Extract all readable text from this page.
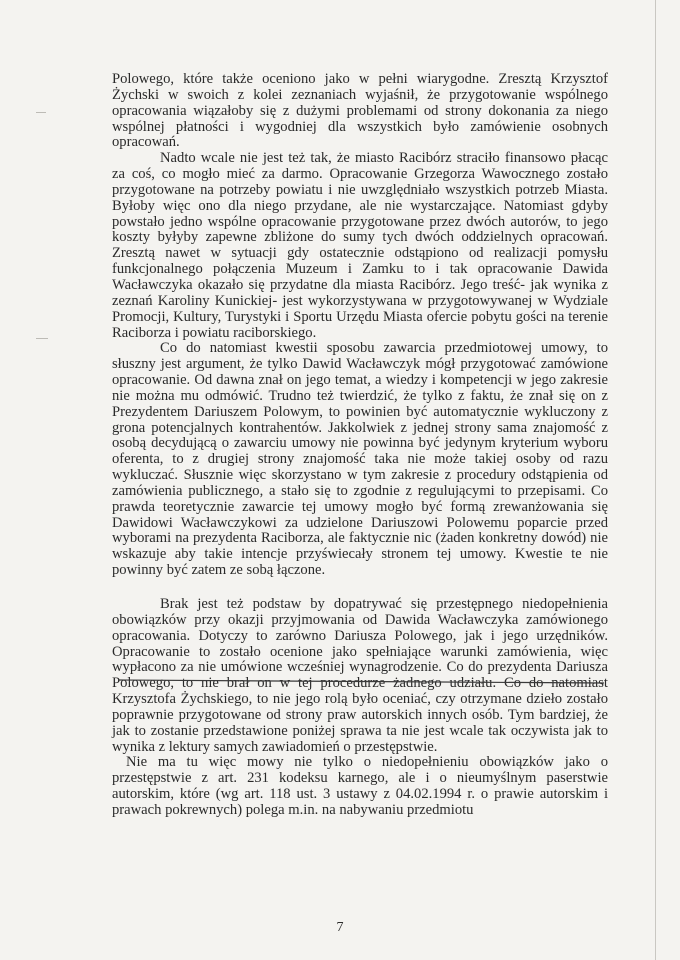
Polowego, które także oceniono jako w pełni wiarygodne. Zresztą Krzysztof Żychski w swoich z kolei zeznaniach wyjaśnił, że przygotowanie wspólnego opracowania wiązałoby się z dużymi problemami od strony dokonania za niego wspólnej płatności i wygodniej dla wszystkich było zamówienie osobnych opracowań.

Nadto wcale nie jest też tak, że miasto Racibórz straciło finansowo płacąc za coś, co mogło mieć za darmo. Opracowanie Grzegorza Wawocznego zostało przygotowane na potrzeby powiatu i nie uwzględniało wszystkich potrzeb Miasta. Byłoby więc ono dla niego przydane, ale nie wystarczające. Natomiast gdyby powstało jedno wspólne opracowanie przygotowane przez dwóch autorów, to jego koszty byłyby zapewne zbliżone do sumy tych dwóch oddzielnych opracowań. Zresztą nawet w sytuacji gdy ostatecznie odstąpiono od realizacji pomysłu funkcjonalnego połączenia Muzeum i Zamku to i tak opracowanie Dawida Wacławczyka okazało się przydatne dla miasta Racibórz. Jego treść- jak wynika z zeznań Karoliny Kunickiej- jest wykorzystywana w przygotowywanej w Wydziale Promocji, Kultury, Turystyki i Sportu Urzędu Miasta ofercie pobytu gości na terenie Raciborza i powiatu raciborskiego.

Co do natomiast kwestii sposobu zawarcia przedmiotowej umowy, to słuszny jest argument, że tylko Dawid Wacławczyk mógł przygotować zamówione opracowanie. Od dawna znał on jego temat, a wiedzy i kompetencji w jego zakresie nie można mu odmówić. Trudno też twierdzić, że tylko z faktu, że znał się on z Prezydentem Dariuszem Polowym, to powinien być automatycznie wykluczony z grona potencjalnych kontrahentów. Jakkolwiek z jednej strony sama znajomość z osobą decydującą o zawarciu umowy nie powinna być jedynym kryterium wyboru oferenta, to z drugiej strony znajomość taka nie może takiej osoby od razu wykluczać. Słusznie więc skorzystano w tym zakresie z procedury odstąpienia od zamówienia publicznego, a stało się to zgodnie z regulującymi to przepisami. Co prawda teoretycznie zawarcie tej umowy mogło być formą zrewanżowania się Dawidowi Wacławczykowi za udzielone Dariuszowi Polowemu poparcie przed wyborami na prezydenta Raciborza, ale faktycznie nic (żaden konkretny dowód) nie wskazuje aby takie intencje przyświecały stronem tej umowy. Kwestie te nie powinny być zatem ze sobą łączone.

Brak jest też podstaw by dopatrywać się przestępnego niedopełnienia obowiązków przy okazji przyjmowania od Dawida Wacławczyka zamówionego opracowania. Dotyczy to zarówno Dariusza Polowego, jak i jego urzędników. Opracowanie to zostało ocenione jako spełniające warunki zamówienia, więc wypłacono za nie umówione wcześniej wynagrodzenie. Co do prezydenta Dariusza Polowego, to nie brał on w tej procedurze żadnego udziału. Co do natomiast Krzysztofa Żychskiego, to nie jego rolą było oceniać, czy otrzymane dzieło zostało poprawnie przygotowane od strony praw autorskich innych osób. Tym bardziej, że jak to zostanie przedstawione poniżej sprawa ta nie jest wcale tak oczywista jak to wynika z lektury samych zawiadomień o przestępstwie.

Nie ma tu więc mowy nie tylko o niedopełnieniu obowiązków jako o przestępstwie z art. 231 kodeksu karnego, ale i o nieumyślnym paserstwie autorskim, które (wg art. 118 ust. 3 ustawy z 04.02.1994 r. o prawie autorskim i prawach pokrewnych) polega m.in. na nabywaniu przedmiotu

7
